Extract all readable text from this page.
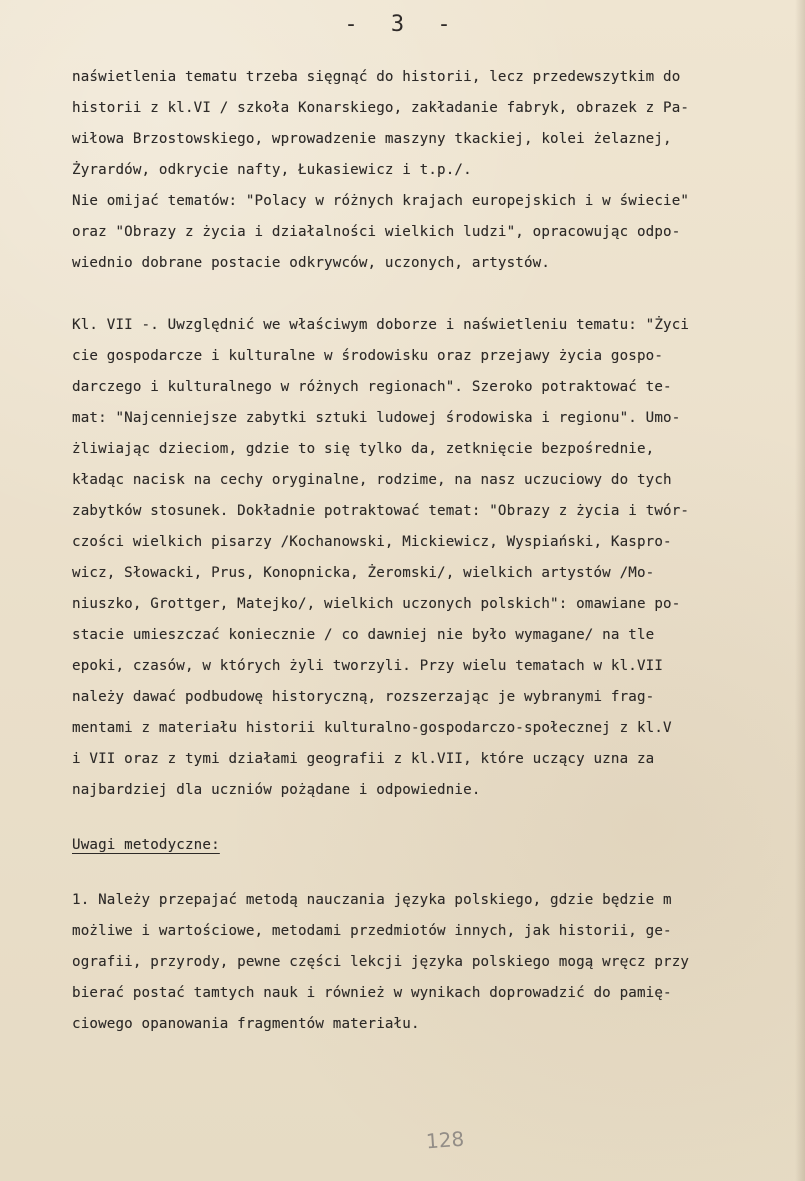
- 3 -
naświetlenia tematu trzeba sięgnąć do historii, lecz przedewszytkim do
historii z kl.VI / szkoła Konarskiego, zakładanie fabryk, obrazek z Pa-
wiłowa Brzostowskiego, wprowadzenie maszyny tkackiej, kolei żelaznej,
Żyrardów, odkrycie nafty, Łukasiewicz i t.p./.
Nie omijać tematów: "Polacy w różnych krajach europejskich i w świecie"
oraz "Obrazy z życia i działalności wielkich ludzi", opracowując odpo-
wiednio dobrane postacie odkrywców, uczonych, artystów.
Kl. VII -. Uwzględnić we właściwym doborze i naświetleniu tematu: "Życi
cie gospodarcze i kulturalne w środowisku oraz przejawy życia gospo-
darczego i kulturalnego w różnych regionach". Szeroko potraktować te-
mat: "Najcenniejsze zabytki sztuki ludowej środowiska i regionu". Umo-
żliwiając dzieciom, gdzie to się tylko da, zetknięcie bezpośrednie,
kładąc nacisk na cechy oryginalne, rodzime, na nasz uczuciowy do tych
zabytków stosunek. Dokładnie potraktować temat: "Obrazy z życia i twór-
czości wielkich pisarzy /Kochanowski, Mickiewicz, Wyspiański, Kaspro-
wicz, Słowacki, Prus, Konopnicka, Żeromski/, wielkich artystów /Mo-
niuszko, Grottger, Matejko/, wielkich uczonych polskich": omawiane po-
stacie umieszczać koniecznie / co dawniej nie było wymagane/ na tle
epoki, czasów, w których żyli tworzyli. Przy wielu tematach w kl.VII
należy dawać podbudowę historyczną, rozszerzając je wybranymi frag-
mentami z materiału historii kulturalno-gospodarczo-społecznej z kl.V
i VII oraz z tymi działami geografii z kl.VII, które uczący uzna za
najbardziej dla uczniów pożądane i odpowiednie.
Uwagi metodyczne:
1. Należy przepajać metodą nauczania języka polskiego, gdzie będzie m
możliwe i wartościowe, metodami przedmiotów innych, jak historii, ge-
ografii, przyrody, pewne części lekcji języka polskiego mogą wręcz przy
bierać postać tamtych nauk i również w wynikach doprowadzić do pamię-
ciowego opanowania fragmentów materiału.
128
